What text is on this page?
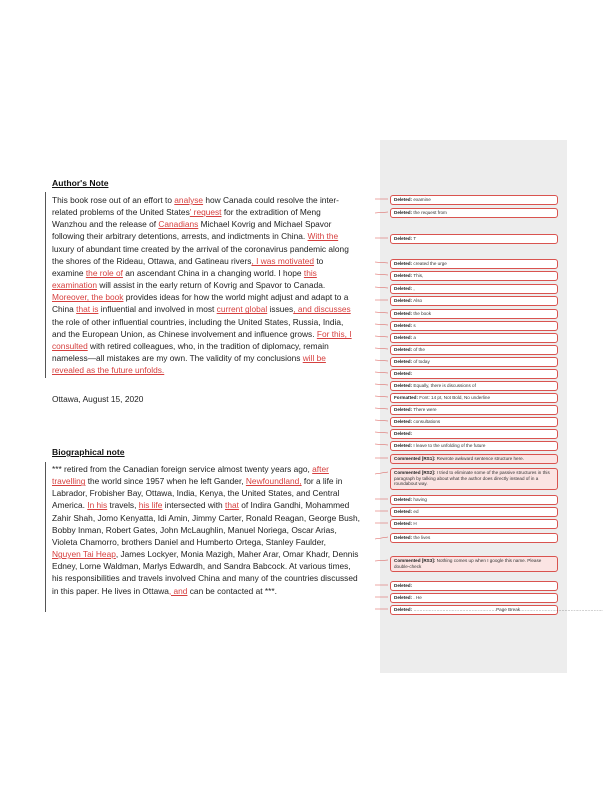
Author's Note

This book rose out of an effort to analyse how Canada could resolve the inter-

related problems of the United States' request for the extradition of Meng

Wanzhou and the release of Canadians Michael Kovrig and Michael Spavor

following their arbitrary detentions, arrests, and indictments in China. With the

luxury of abundant time created by the arrival of the coronavirus pandemic along

the shores of the Rideau, Ottawa, and Gatineau rivers, I was motivated to

examine the role of an ascendant China in a changing world. I hope this

examination will assist in the early return of Kovrig and Spavor to Canada.

Moreover, the book provides ideas for how the world might adjust and adapt to a

China that is influential and involved in most current global issues, and discusses

the role of other influential countries, including the United States, Russia, India,

and the European Union, as Chinese involvement and influence grows. For this, I

consulted with retired colleagues, who, in the tradition of diplomacy, remain

nameless—all mistakes are my own. The validity of my conclusions will be

revealed as the future unfolds.

Ottawa, August 15, 2020
Biographical note

*** retired from the Canadian foreign service almost twenty years ago, after

travelling the world since 1957 when he left Gander, Newfoundland, for a life in

Labrador, Frobisher Bay, Ottawa, India, Kenya, the United States, and Central

America. In his travels, his life intersected with that of Indira Gandhi, Mohammed

Zahir Shah, Jomo Kenyatta, Idi Amin, Jimmy Carter, Ronald Reagan, George Bush,

Bobby Inman, Robert Gates, John McLaughlin, Manuel Noriega, Oscar Arias,

Violeta Chamorro, brothers Daniel and Humberto Ortega, Stanley Faulder,

Nguyen Tai Heap, James Lockyer, Monia Mazigh, Maher Arar, Omar Khadr, Dennis

Edney, Lorne Waldman, Marlys Edwardh, and Sandra Babcock. At various times,

his responsibilities and travels involved China and many of the countries discussed

in this paper. He lives in Ottawa, and can be contacted at ***.

Deleted: examine
Deleted: the request from
Deleted: T
Deleted: created the urge
Deleted: This,
Deleted: ,
Deleted: Also
Deleted: the book
Deleted: s
Deleted: a
Deleted: of the
Deleted: of today
Deleted:
Deleted: Equally, there is discussions of
Formatted: Font: 14 pt, Not Bold, No underline
Deleted: There were
Deleted: consultations
Deleted:
Deleted: I leave to the unfolding of the future
Commented [RS1]: Rewrote awkward sentence structure here.
Commented [RS2]: I tried to eliminate some of the passive structures in this paragraph by talking about what the author does directly instead of in a roundabout way.
Deleted: having
Deleted: ed
Deleted: H
Deleted: the lives
Commented [RS3]: Nothing comes up when I google this name. Please double-check
Deleted:
Deleted: . He
Deleted: ………………………………………………Page Break………………………………………………
